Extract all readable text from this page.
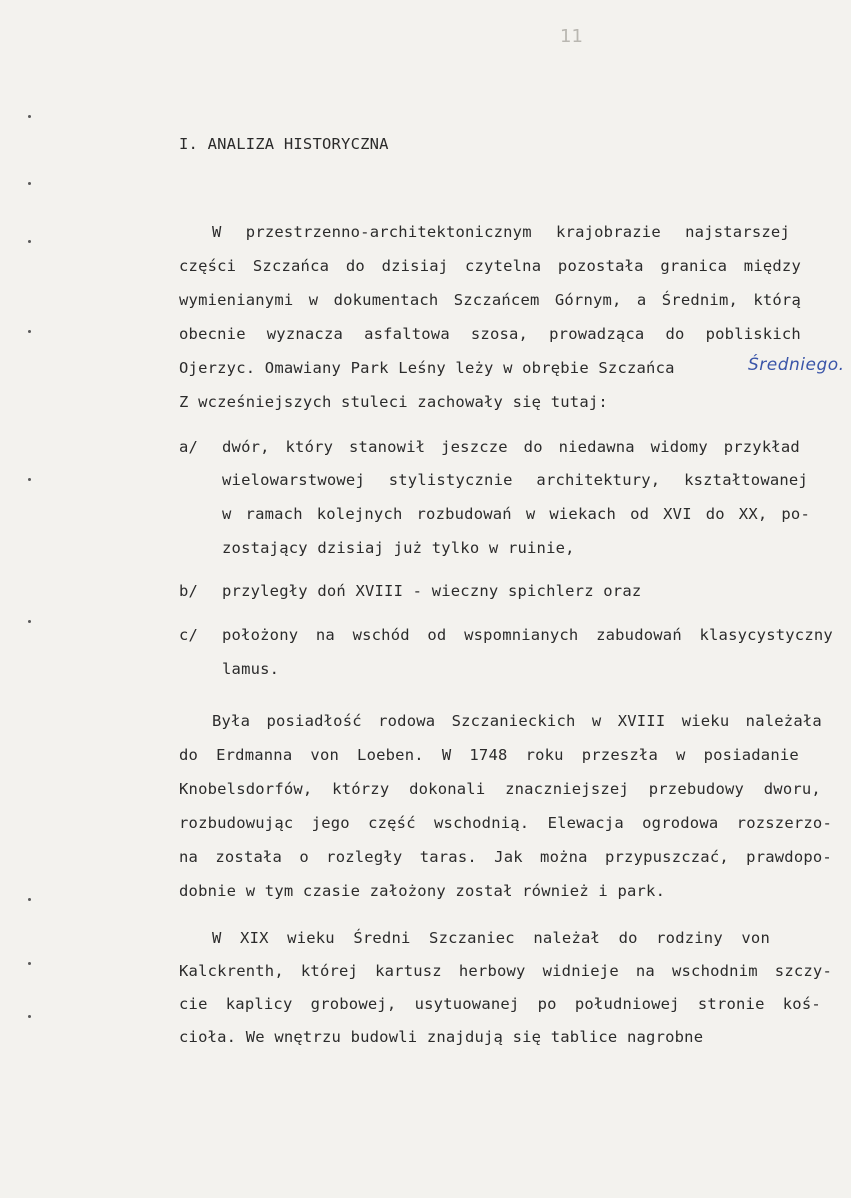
11
I. ANALIZA HISTORYCZNA
W przestrzenno-architektonicznym krajobrazie najstarszej
części Szczańca do dzisiaj czytelna pozostała granica między
wymienianymi w dokumentach Szczańcem Górnym, a Średnim, którą
obecnie wyznacza asfaltowa szosa, prowadząca do pobliskich
Ojerzyc. Omawiany Park Leśny leży w obrębie Szczańca	Średniego.
Z wcześniejszych stuleci zachowały się tutaj:
a/ dwór, który stanowił jeszcze do niedawna widomy przykład
wielowarstwowej stylistycznie architektury, kształtowanej
w ramach kolejnych rozbudowań w wiekach od XVI do XX, po-
zostający dzisiaj już tylko w ruinie,
b/ przyległy doń XVIII - wieczny spichlerz oraz
c/ położony na wschód od wspomnianych zabudowań klasycystyczny
lamus.
Była posiadłość rodowa Szczanieckich w XVIII wieku należała
do Erdmanna von Loeben. W 1748 roku przeszła w posiadanie
Knobelsdorfów, którzy dokonali znaczniejszej przebudowy dworu,
rozbudowując jego część wschodnią. Elewacja ogrodowa rozszerzo-
na została o rozległy taras. Jak można przypuszczać, prawdopo-
dobnie w tym czasie założony został również i park.
W XIX wieku Średni Szczaniec należał do rodziny von
Kalckrenth, której kartusz herbowy widnieje na wschodnim szczy-
cie kaplicy grobowej, usytuowanej po południowej stronie koś-
cioła. We wnętrzu budowli znajdują się tablice nagrobne
